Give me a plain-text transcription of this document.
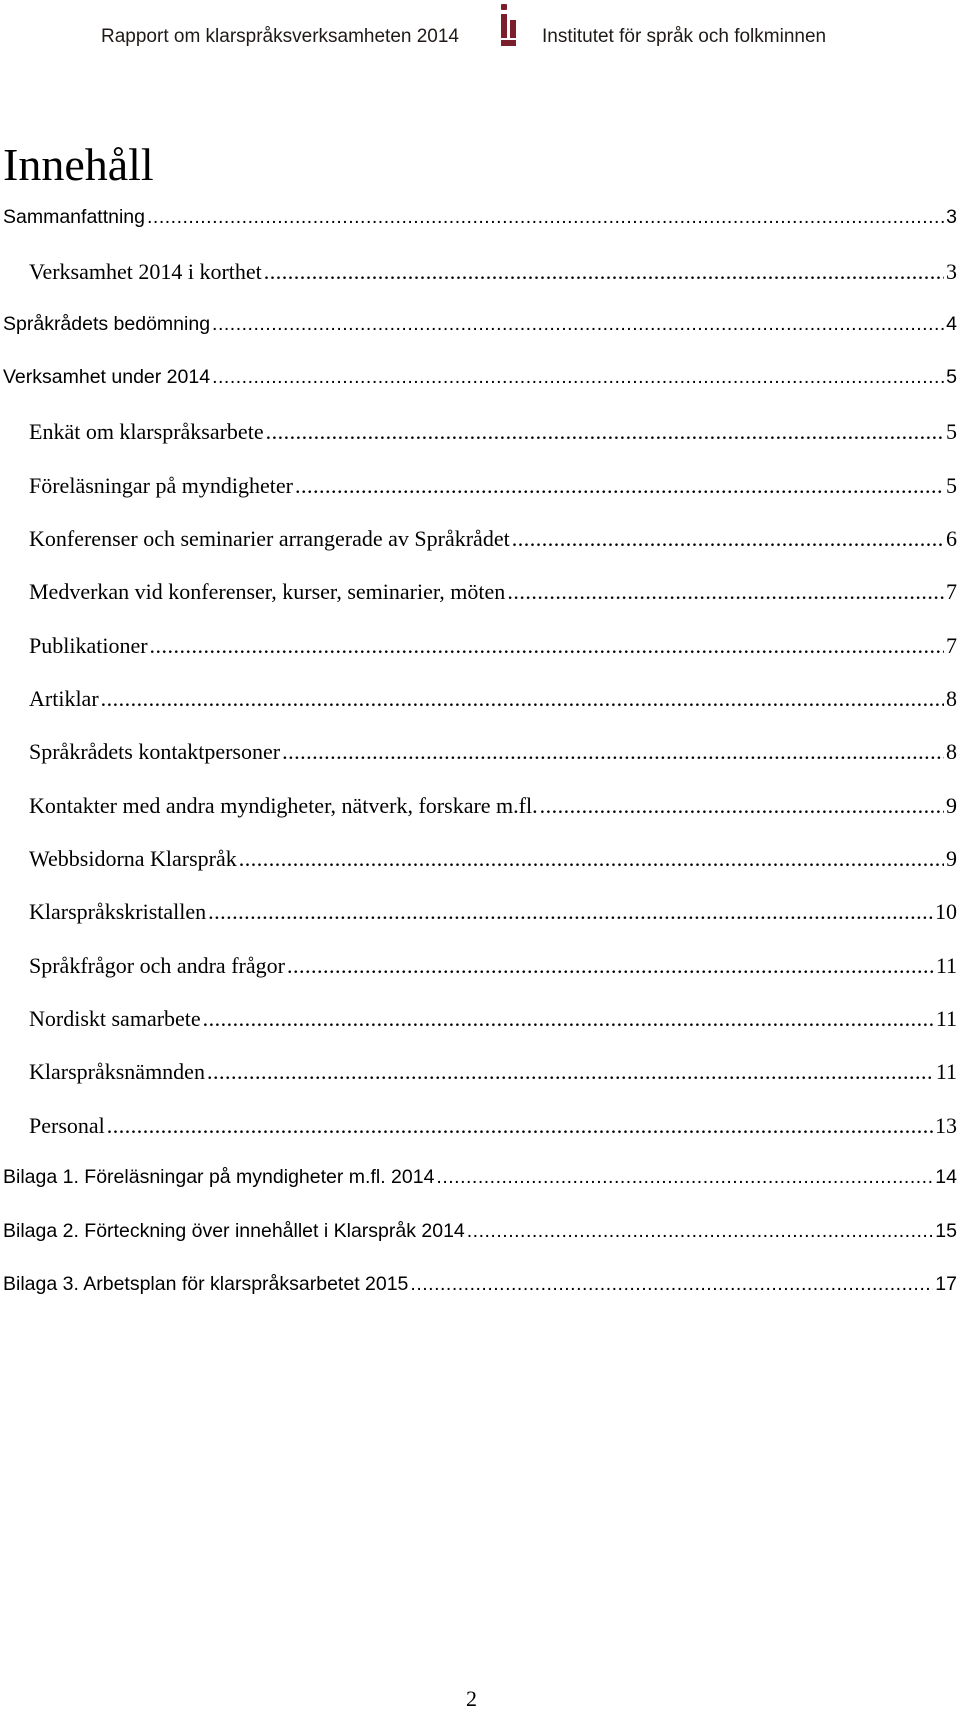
Rapport om klarspråksverksamheten 2014	Institutet för språk och folkminnen
Innehåll
Sammanfattning .....	3
Verksamhet 2014 i korthet .....	3
Språkrådets bedömning .....	4
Verksamhet under 2014 .....	5
Enkät om klarspråksarbete .....	5
Föreläsningar på myndigheter .....	5
Konferenser och seminarier arrangerade av Språkrådet .....	6
Medverkan vid konferenser, kurser, seminarier, möten .....	7
Publikationer .....	7
Artiklar .....	8
Språkrådets kontaktpersoner .....	8
Kontakter med andra myndigheter, nätverk, forskare m.fl. .....	9
Webbsidorna Klarspråk .....	9
Klarspråkskristallen .....	10
Språkfrågor och andra frågor .....	11
Nordiskt samarbete .....	11
Klarspråksnämnden .....	11
Personal .....	13
Bilaga 1. Föreläsningar på myndigheter m.fl. 2014 .....	14
Bilaga 2. Förteckning över innehållet i Klarspråk 2014 .....	15
Bilaga 3. Arbetsplan för klarspråksarbetet 2015 .....	17
2
